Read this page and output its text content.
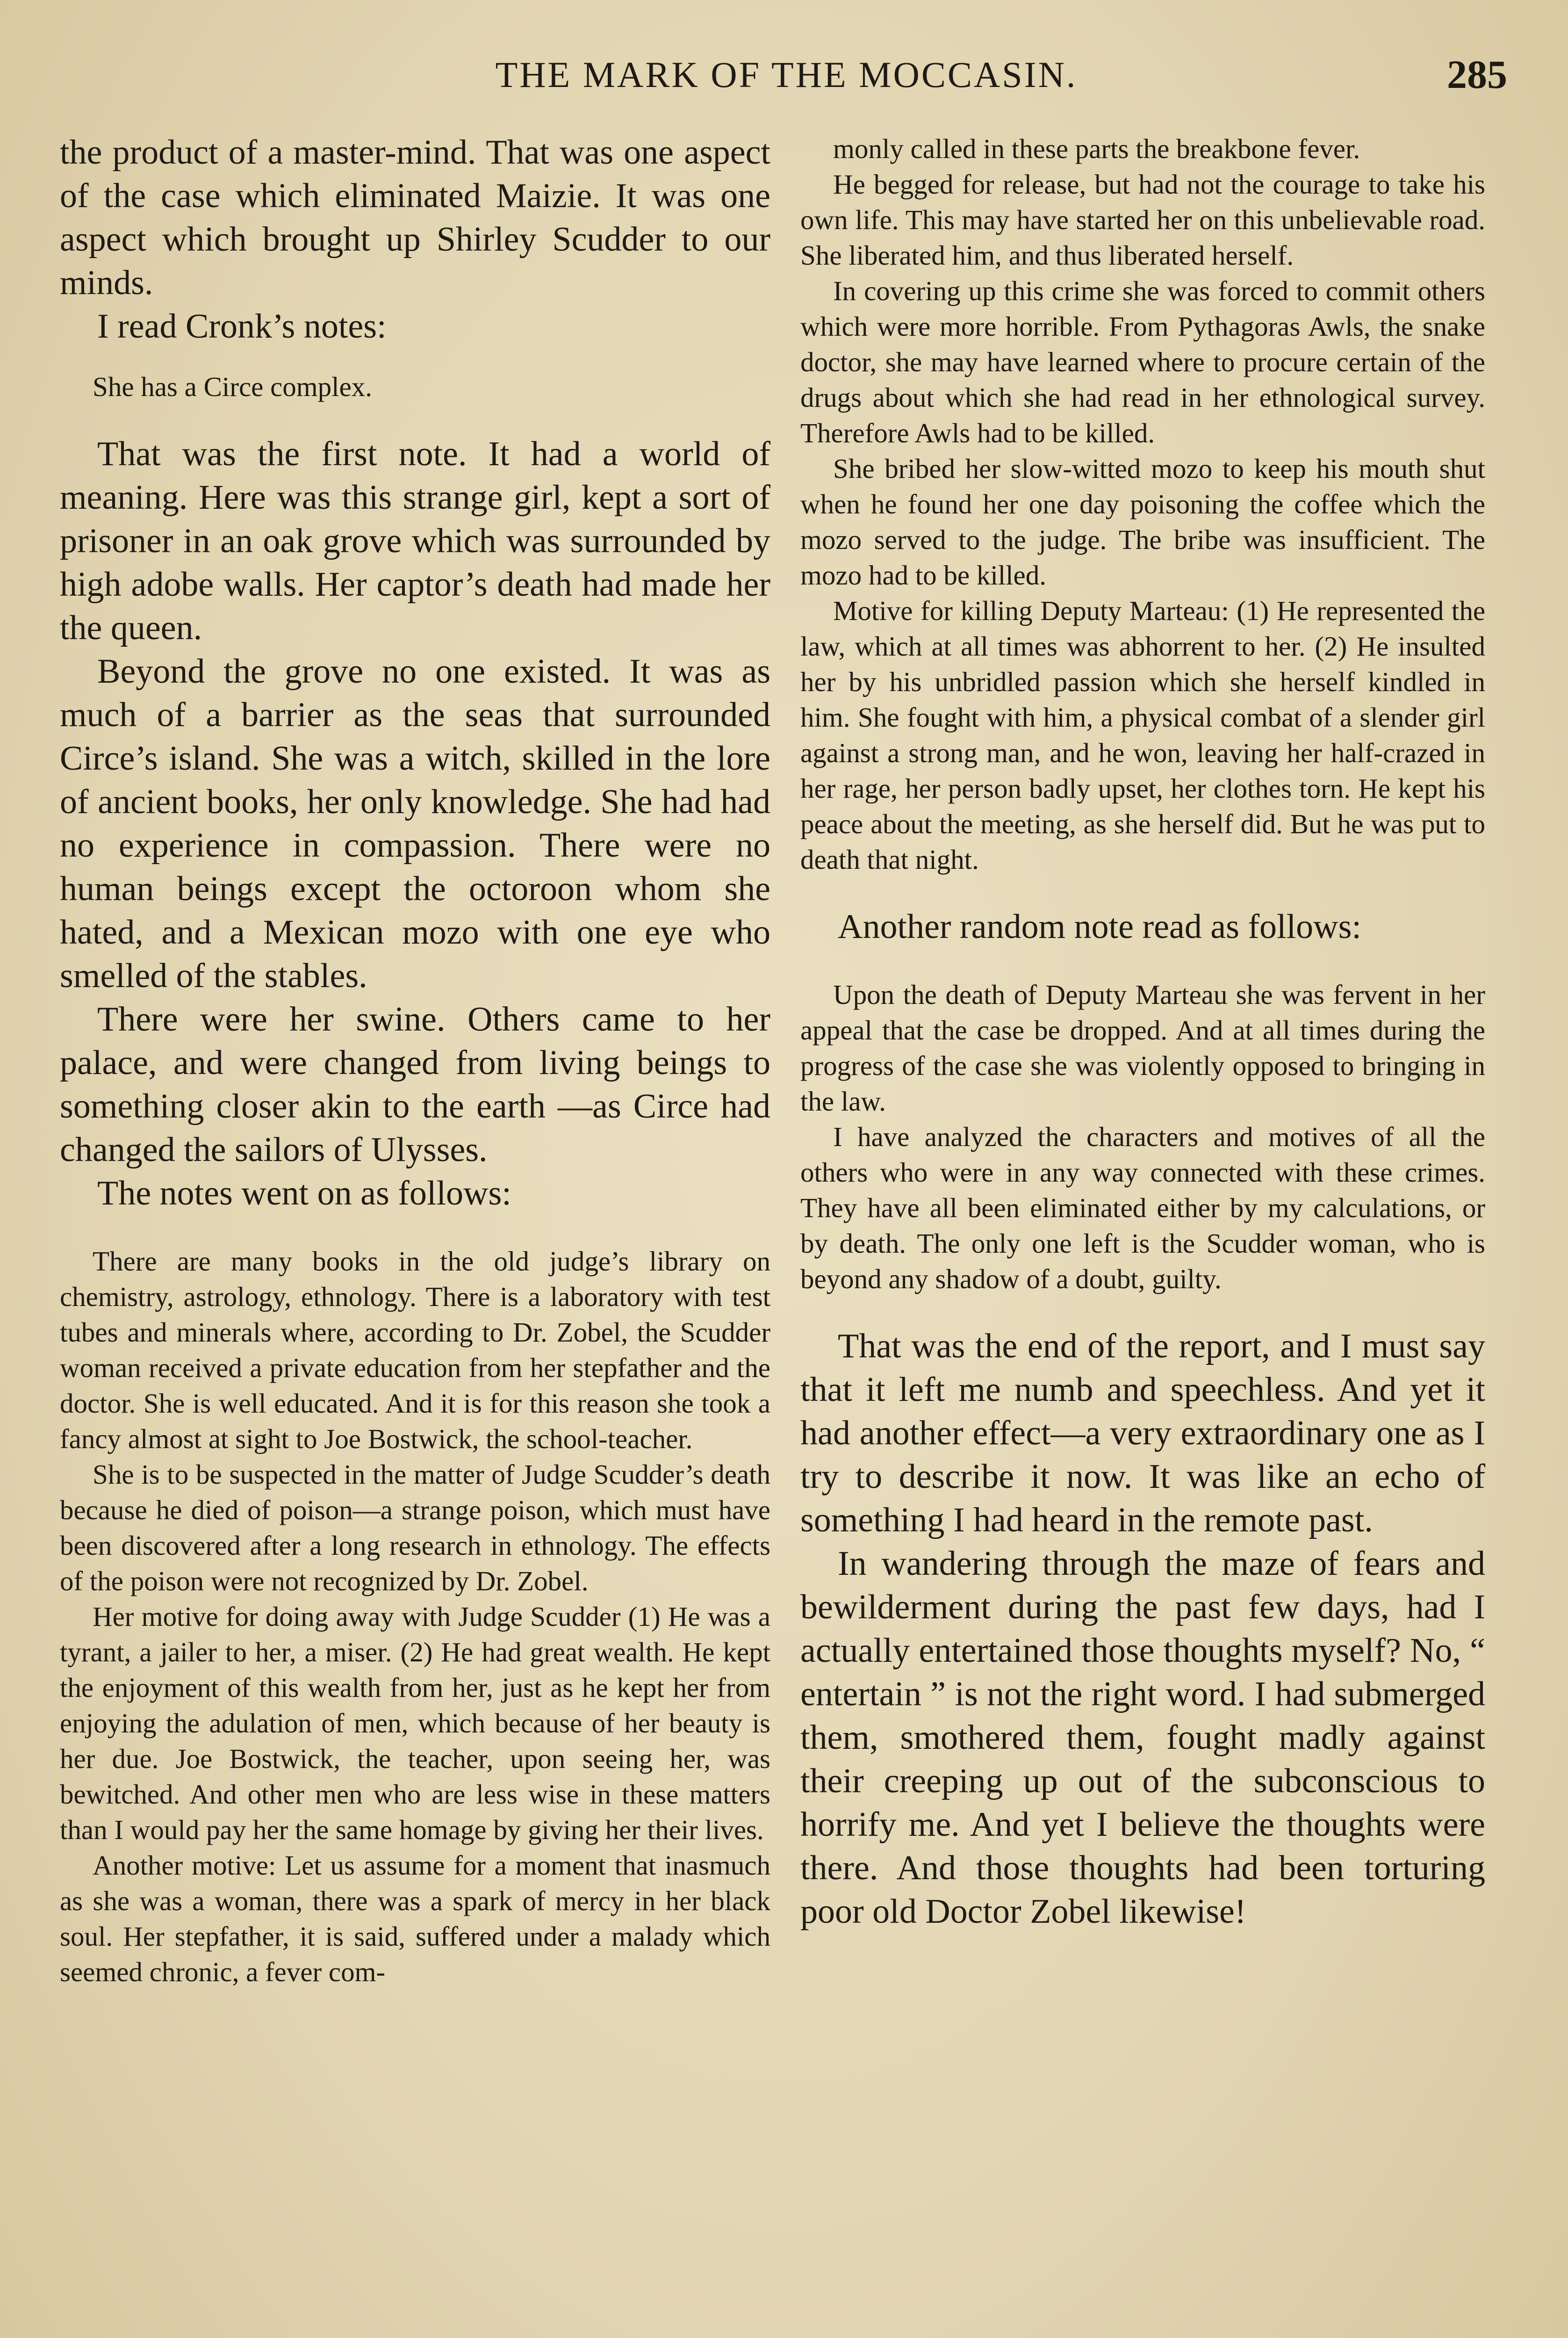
THE MARK OF THE MOCCASIN.	285

the product of a master-mind. That was one aspect of the case which eliminated Maizie. It was one aspect which brought up Shirley Scudder to our minds.

I read Cronk’s notes:

She has a Circe complex.

That was the first note. It had a world of meaning. Here was this strange girl, kept a sort of prisoner in an oak grove which was surrounded by high adobe walls. Her captor’s death had made her the queen.

Beyond the grove no one existed. It was as much of a barrier as the seas that surrounded Circe’s island. She was a witch, skilled in the lore of ancient books, her only knowledge. She had had no experience in compassion. There were no human beings except the octoroon whom she hated, and a Mexican mozo with one eye who smelled of the stables.

There were her swine. Others came to her palace, and were changed from living beings to something closer akin to the earth —as Circe had changed the sailors of Ulysses.

The notes went on as follows:

There are many books in the old judge’s library on chemistry, astrology, ethnology. There is a laboratory with test tubes and minerals where, according to Dr. Zobel, the Scudder woman received a private education from her stepfather and the doctor. She is well educated. And it is for this reason she took a fancy almost at sight to Joe Bostwick, the school-teacher.

She is to be suspected in the matter of Judge Scudder’s death because he died of poison—a strange poison, which must have been discovered after a long research in ethnology. The effects of the poison were not recognized by Dr. Zobel.

Her motive for doing away with Judge Scudder (1) He was a tyrant, a jailer to her, a miser. (2) He had great wealth. He kept the enjoyment of this wealth from her, just as he kept her from enjoying the adulation of men, which because of her beauty is her due. Joe Bostwick, the teacher, upon seeing her, was bewitched. And other men who are less wise in these matters than I would pay her the same homage by giving her their lives.

Another motive: Let us assume for a moment that inasmuch as she was a woman, there was a spark of mercy in her black soul. Her stepfather, it is said, suffered under a malady which seemed chronic, a fever com-

monly called in these parts the breakbone fever.

He begged for release, but had not the courage to take his own life. This may have started her on this unbelievable road. She liberated him, and thus liberated herself.

In covering up this crime she was forced to commit others which were more horrible. From Pythagoras Awls, the snake doctor, she may have learned where to procure certain of the drugs about which she had read in her ethnological survey. Therefore Awls had to be killed.

She bribed her slow-witted mozo to keep his mouth shut when he found her one day poisoning the coffee which the mozo served to the judge. The bribe was insufficient. The mozo had to be killed.

Motive for killing Deputy Marteau: (1) He represented the law, which at all times was abhorrent to her. (2) He insulted her by his unbridled passion which she herself kindled in him. She fought with him, a physical combat of a slender girl against a strong man, and he won, leaving her half-crazed in her rage, her person badly upset, her clothes torn. He kept his peace about the meeting, as she herself did. But he was put to death that night.

Another random note read as follows:

Upon the death of Deputy Marteau she was fervent in her appeal that the case be dropped. And at all times during the progress of the case she was violently opposed to bringing in the law.

I have analyzed the characters and motives of all the others who were in any way connected with these crimes. They have all been eliminated either by my calculations, or by death. The only one left is the Scudder woman, who is beyond any shadow of a doubt, guilty.

That was the end of the report, and I must say that it left me numb and speechless. And yet it had another effect—a very extraordinary one as I try to describe it now. It was like an echo of something I had heard in the remote past.

In wandering through the maze of fears and bewilderment during the past few days, had I actually entertained those thoughts myself? No, “ entertain ” is not the right word. I had submerged them, smothered them, fought madly against their creeping up out of the subconscious to horrify me. And yet I believe the thoughts were there. And those thoughts had been torturing poor old Doctor Zobel likewise!
